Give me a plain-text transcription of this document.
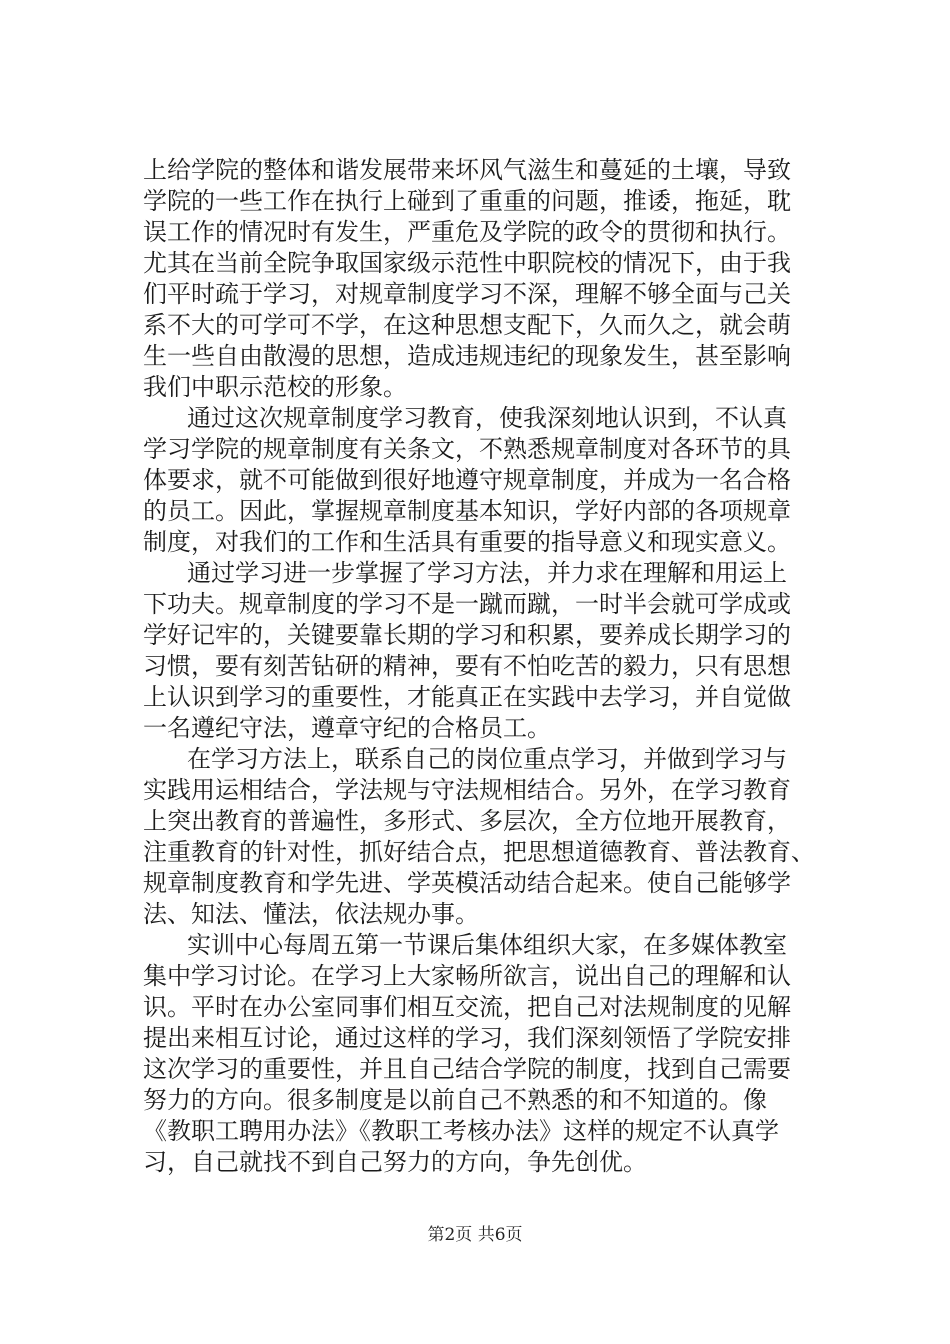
上给学院的整体和谐发展带来坏风气滋生和蔓延的土壤，导致
学院的一些工作在执行上碰到了重重的问题，推诿，拖延，耽
误工作的情况时有发生，严重危及学院的政令的贯彻和执行。
尤其在当前全院争取国家级示范性中职院校的情况下，由于我
们平时疏于学习，对规章制度学习不深，理解不够全面与己关
系不大的可学可不学，在这种思想支配下，久而久之，就会萌
生一些自由散漫的思想，造成违规违纪的现象发生，甚至影响
我们中职示范校的形象。
通过这次规章制度学习教育，使我深刻地认识到，不认真
学习学院的规章制度有关条文，不熟悉规章制度对各环节的具
体要求，就不可能做到很好地遵守规章制度，并成为一名合格
的员工。因此，掌握规章制度基本知识，学好内部的各项规章
制度，对我们的工作和生活具有重要的指导意义和现实意义。
通过学习进一步掌握了学习方法，并力求在理解和用运上
下功夫。规章制度的学习不是一蹴而蹴，一时半会就可学成或
学好记牢的，关键要靠长期的学习和积累，要养成长期学习的
习惯，要有刻苦钻研的精神，要有不怕吃苦的毅力，只有思想
上认识到学习的重要性，才能真正在实践中去学习，并自觉做
一名遵纪守法，遵章守纪的合格员工。
在学习方法上，联系自己的岗位重点学习，并做到学习与
实践用运相结合，学法规与守法规相结合。另外，在学习教育
上突出教育的普遍性，多形式、多层次，全方位地开展教育，
注重教育的针对性，抓好结合点，把思想道德教育、普法教育、
规章制度教育和学先进、学英模活动结合起来。使自己能够学
法、知法、懂法，依法规办事。
实训中心每周五第一节课后集体组织大家，在多媒体教室
集中学习讨论。在学习上大家畅所欲言，说出自己的理解和认
识。平时在办公室同事们相互交流，把自己对法规制度的见解
提出来相互讨论，通过这样的学习，我们深刻领悟了学院安排
这次学习的重要性，并且自己结合学院的制度，找到自己需要
努力的方向。很多制度是以前自己不熟悉的和不知道的。像
《教职工聘用办法》《教职工考核办法》这样的规定不认真学
习，自己就找不到自己努力的方向，争先创优。
第2页 共6页
